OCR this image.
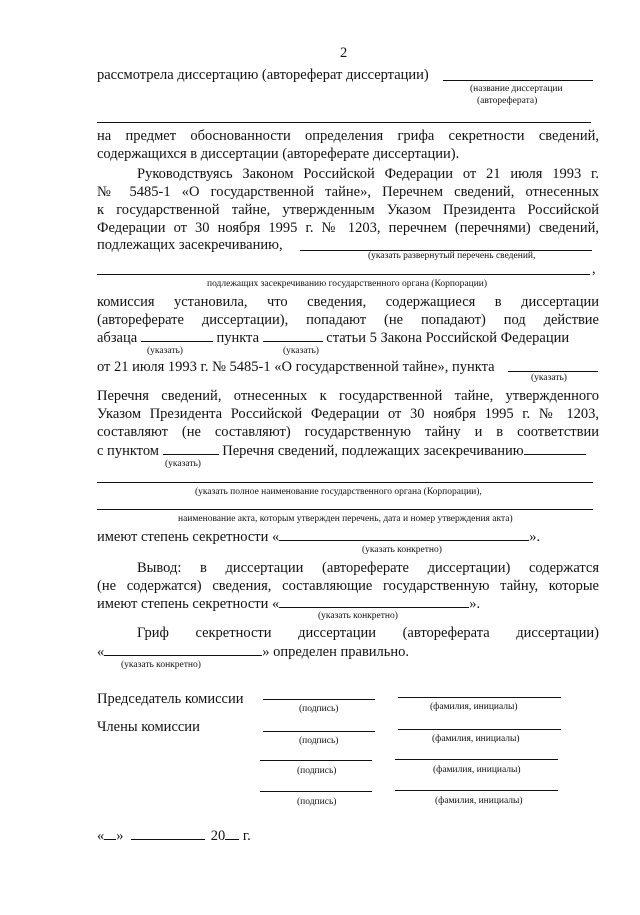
2
рассмотрела диссертацию (автореферат диссертации)
(название диссертации
(автореферата)
на предмет обоснованности определения грифа секретности сведений,
содержащихся в диссертации (автореферате диссертации).
Руководствуясь Законом Российской Федерации от 21 июля 1993 г.
№ 5485-1 «О государственной тайне», Перечнем сведений, отнесенных
к государственной тайне, утвержденным Указом Президента Российской
Федерации от 30 ноября 1995 г. № 1203, перечнем (перечнями) сведений,
подлежащих засекречиванию,
(указать развернутый перечень сведений,
,
подлежащих засекречиванию государственного органа (Корпорации)
комиссия установила, что сведения, содержащиеся в диссертации
(автореферате диссертации), попадают (не попадают) под действие
абзаца	пункта	статьи 5 Закона Российской Федерации
(указать)	(указать)
от 21 июля 1993 г. № 5485-1 «О государственной тайне», пункта
(указать)
Перечня сведений, отнесенных к государственной тайне, утвержденного
Указом Президента Российской Федерации от 30 ноября 1995 г. № 1203,
составляют (не составляют) государственную тайну и в соответствии
с пунктом	Перечня сведений, подлежащих засекречиванию
(указать)
(указать полное наименование государственного органа (Корпорации),
наименование акта, которым утвержден перечень, дата и номер утверждения акта)
имеют степень секретности «	».
(указать конкретно)
Вывод: в диссертации (автореферате диссертации) содержатся
(не содержатся) сведения, составляющие государственную тайну, которые
имеют степень секретности «	».
(указать конкретно)
Гриф секретности диссертации (автореферата диссертации)
«	» определен правильно.
(указать конкретно)
Председатель комиссии
(подпись)	(фамилия, инициалы)
Члены комиссии
(подпись)	(фамилия, инициалы)
(подпись)	(фамилия, инициалы)
(подпись)	(фамилия, инициалы)
« »	20 г.
